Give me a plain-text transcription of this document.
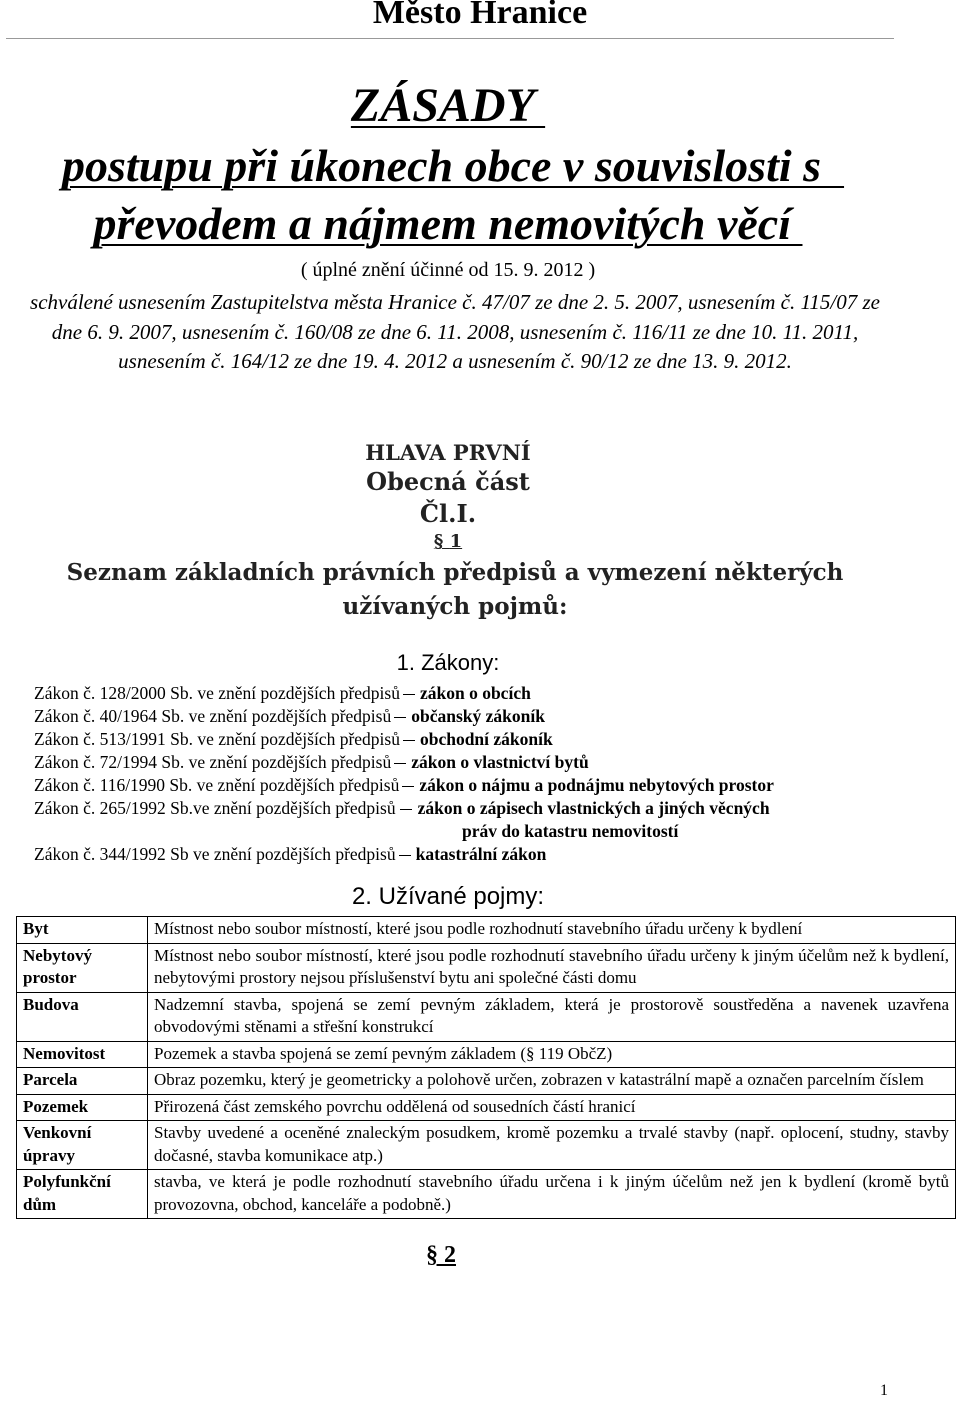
Město Hranice
ZÁSADY
postupu při úkonech obce v souvislosti s
převodem a nájmem nemovitých věcí
( úplné znění účinné od 15. 9. 2012 )
schválené usnesením Zastupitelstva města Hranice č. 47/07 ze dne 2. 5. 2007, usnesením č. 115/07 ze dne 6. 9. 2007, usnesením č. 160/08 ze dne 6. 11. 2008, usnesením č. 116/11 ze dne 10. 11. 2011, usnesením č. 164/12 ze dne 19. 4. 2012 a usnesením č. 90/12 ze dne 13. 9. 2012.
HLAVA PRVNÍ
Obecná část
Čl.I.
§ 1
Seznam základních právních předpisů a vymezení některých užívaných pojmů:
1. Zákony:
Zákon č. 128/2000 Sb. ve znění pozdějších předpisů zákon o obcích
Zákon č. 40/1964 Sb. ve znění pozdějších předpisů občanský zákoník
Zákon č. 513/1991 Sb. ve znění pozdějších předpisů obchodní zákoník
Zákon č. 72/1994 Sb. ve znění pozdějších předpisů zákon o vlastnictví bytů
Zákon č. 116/1990 Sb. ve znění pozdějších předpisů zákon o nájmu a podnájmu nebytových prostor
Zákon č. 265/1992 Sb.ve znění pozdějších předpisů zákon o zápisech vlastnických a jiných věcných
práv do katastru nemovitostí
Zákon č. 344/1992 Sb ve znění pozdějších předpisů katastrální zákon
2. Užívané pojmy:
Byt	Místnost nebo soubor místností, které jsou podle rozhodnutí stavebního úřadu určeny k bydlení
Nebytový prostor	Místnost nebo soubor místností, které jsou podle rozhodnutí stavebního úřadu určeny k jiným účelům než k bydlení, nebytovými prostory nejsou příslušenství bytu ani společné části domu
Budova	Nadzemní stavba, spojená se zemí pevným základem, která je prostorově soustředěna a navenek uzavřena obvodovými stěnami a střešní konstrukcí
Nemovitost	Pozemek a stavba spojená se zemí pevným základem (§ 119 ObčZ)
Parcela	Obraz pozemku, který je geometricky a polohově určen, zobrazen v katastrální mapě a označen parcelním číslem
Pozemek	Přirozená část zemského povrchu oddělená od sousedních částí hranicí
Venkovní úpravy	Stavby uvedené a oceněné znaleckým posudkem, kromě pozemku a trvalé stavby (např. oplocení, studny, stavby dočasné, stavba komunikace atp.)
Polyfunkční dům	stavba, ve která je podle rozhodnutí stavebního úřadu určena i k jiným účelům než jen k bydlení (kromě bytů provozovna, obchod, kanceláře a podobně.)
§ 2
1
